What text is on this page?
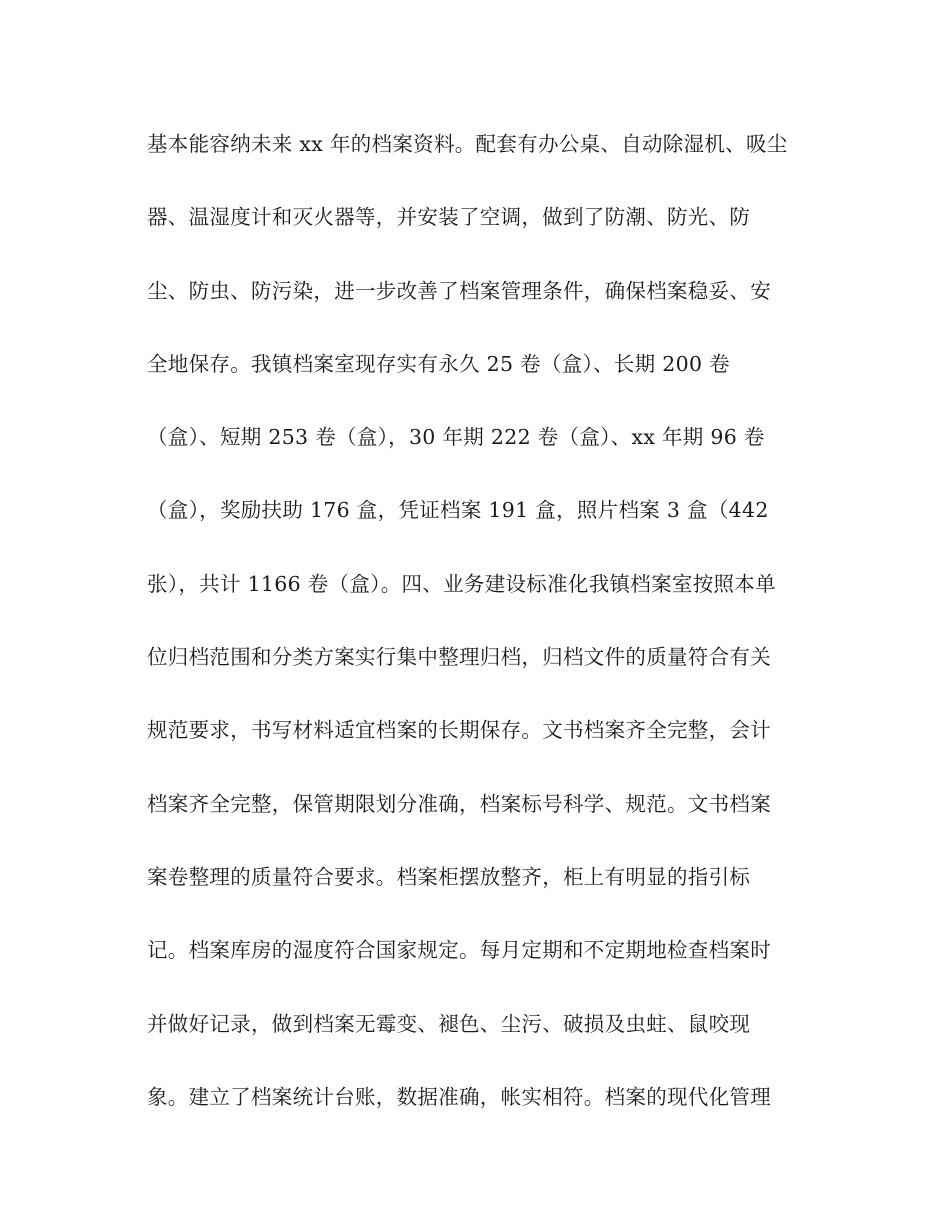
基本能容纳未来 xx 年的档案资料。配套有办公桌、自动除湿机、吸尘
器、温湿度计和灭火器等，并安装了空调，做到了防潮、防光、防
尘、防虫、防污染，进一步改善了档案管理条件，确保档案稳妥、安
全地保存。我镇档案室现存实有永久 25 卷（盒）、长期 200 卷
（盒）、短期 253 卷（盒），30 年期 222 卷（盒）、xx 年期 96 卷
（盒），奖励扶助 176 盒，凭证档案 191 盒，照片档案 3 盒（442
张），共计 1166 卷（盒）。四、业务建设标准化我镇档案室按照本单
位归档范围和分类方案实行集中整理归档，归档文件的质量符合有关
规范要求，书写材料适宜档案的长期保存。文书档案齐全完整，会计
档案齐全完整，保管期限划分准确，档案标号科学、规范。文书档案
案卷整理的质量符合要求。档案柜摆放整齐，柜上有明显的指引标
记。档案库房的湿度符合国家规定。每月定期和不定期地检查档案时
并做好记录，做到档案无霉变、褪色、尘污、破损及虫蛀、鼠咬现
象。建立了档案统计台账，数据准确，帐实相符。档案的现代化管理
